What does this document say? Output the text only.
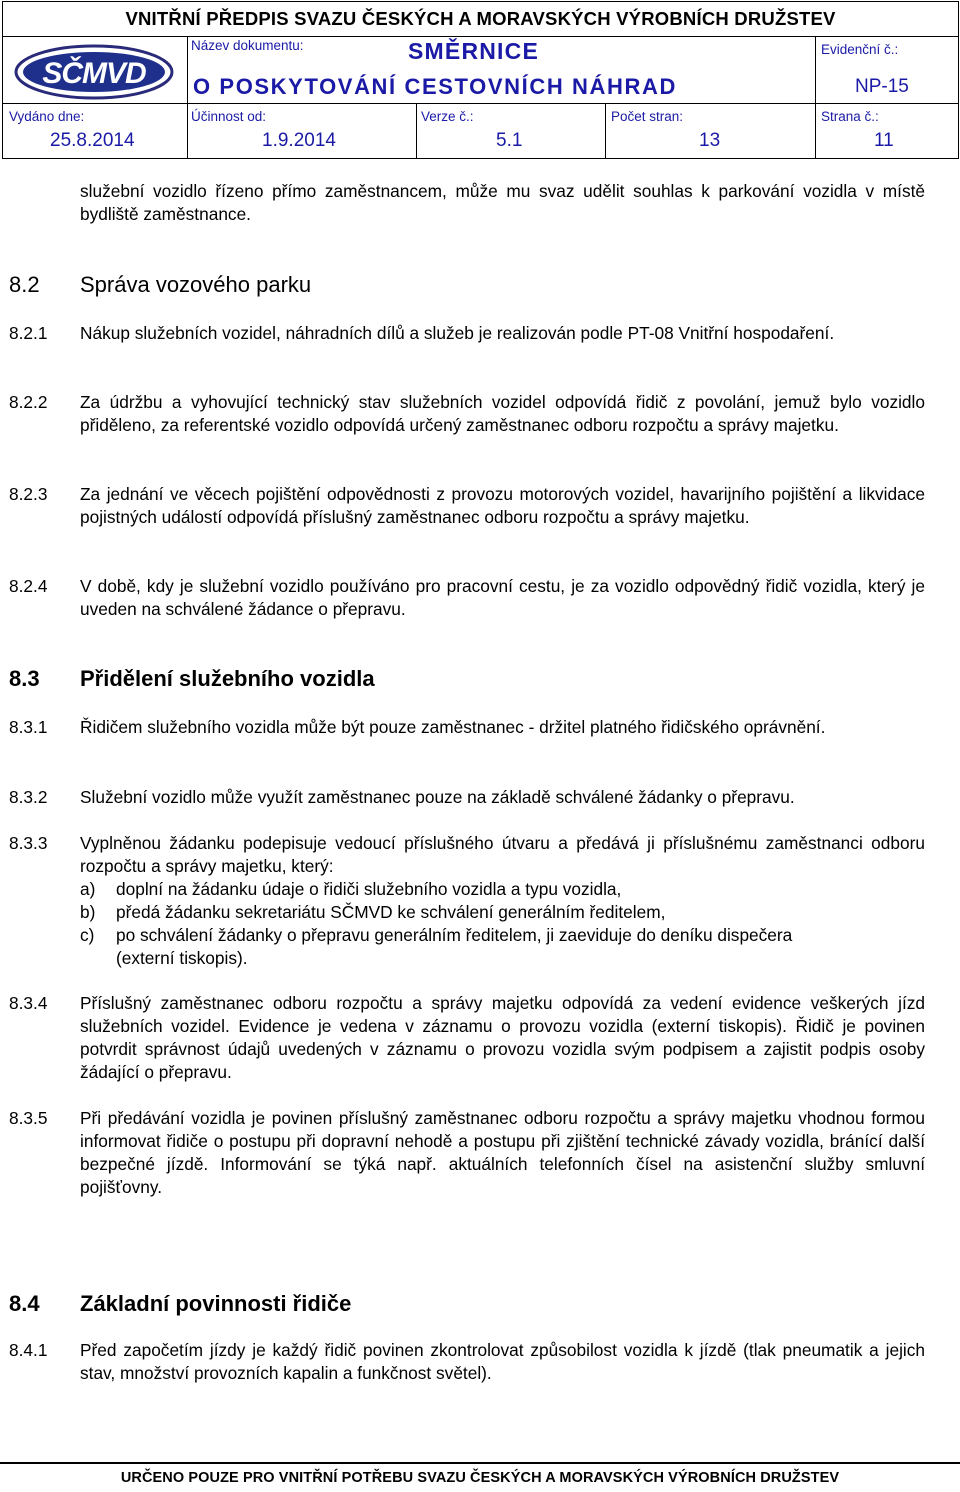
VNITŘNÍ PŘEDPIS SVAZU ČESKÝCH A MORAVSKÝCH VÝROBNÍCH DRUŽSTEV				

SČMVD
Název dokumentu:	SMĚRNICE
O POSKYTOVÁNÍ CESTOVNÍCH NÁHRAD
Evidenční č.:
NP-15
Vydáno dne:
25.8.2014
Účinnost od:
1.9.2014
Verze č.:
5.1
Počet stran:
13
Strana č.:
11
služební vozidlo řízeno přímo zaměstnancem, může mu svaz udělit souhlas k parkování vozidla v místě bydliště zaměstnance.
8.2 Správa vozového parku
8.2.1 Nákup služebních vozidel, náhradních dílů a služeb je realizován podle PT-08 Vnitřní hospodaření.
8.2.2 Za údržbu a vyhovující technický stav služebních vozidel odpovídá řidič z povolání, jemuž bylo vozidlo přiděleno, za referentské vozidlo odpovídá určený zaměstnanec odboru rozpočtu a správy majetku.
8.2.3 Za jednání ve věcech pojištění odpovědnosti z provozu motorových vozidel, havarijního pojištění a likvidace pojistných událostí odpovídá příslušný zaměstnanec odboru rozpočtu a správy majetku.
8.2.4 V době, kdy je služební vozidlo používáno pro pracovní cestu, je za vozidlo odpovědný řidič vozidla, který je uveden na schválené žádance o přepravu.
8.3 Přidělení služebního vozidla
8.3.1 Řidičem služebního vozidla může být pouze zaměstnanec - držitel platného řidičského oprávnění.
8.3.2 Služební vozidlo může využít zaměstnanec pouze na základě schválené žádanky o přepravu.
8.3.3 Vyplněnou žádanku podepisuje vedoucí příslušného útvaru a předává ji příslušnému zaměstnanci odboru rozpočtu a správy majetku, který:
a) doplní na žádanku údaje o řidiči služebního vozidla a typu vozidla,
b) předá žádanku sekretariátu SČMVD ke schválení generálním ředitelem,
c) po schválení žádanky o přepravu generálním ředitelem, ji zaeviduje do deníku dispečera
(externí tiskopis).
8.3.4 Příslušný zaměstnanec odboru rozpočtu a správy majetku odpovídá za vedení evidence veškerých jízd služebních vozidel. Evidence je vedena v záznamu o provozu vozidla (externí tiskopis). Řidič je povinen potvrdit správnost údajů uvedených v záznamu o provozu vozidla svým podpisem a zajistit podpis osoby žádající o přepravu.
8.3.5 Při předávání vozidla je povinen příslušný zaměstnanec odboru rozpočtu a správy majetku vhodnou formou informovat řidiče o postupu při dopravní nehodě a postupu při zjištění technické závady vozidla, bránící další bezpečné jízdě. Informování se týká např. aktuálních telefonních čísel na asistenční služby smluvní pojišťovny.
8.4 Základní povinnosti řidiče
8.4.1 Před započetím jízdy je každý řidič povinen zkontrolovat způsobilost vozidla k jízdě (tlak pneumatik a jejich stav, množství provozních kapalin a funkčnost světel).
URČENO POUZE PRO VNITŘNÍ POTŘEBU SVAZU ČESKÝCH A MORAVSKÝCH VÝROBNÍCH DRUŽSTEV
